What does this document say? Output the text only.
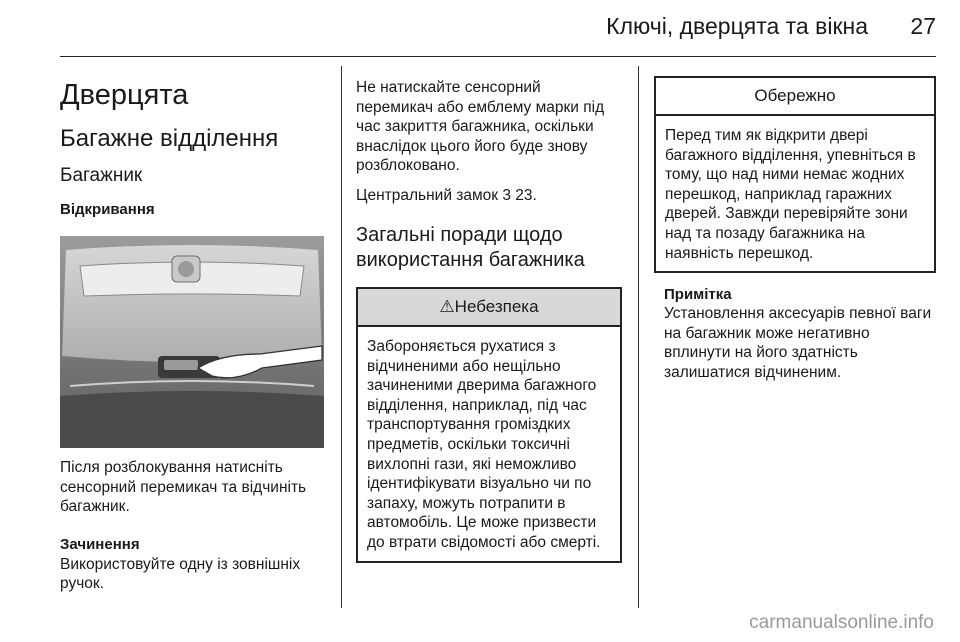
Ключі, дверцята та вікна 27
Дверцята
Багажне відділення
Багажник
Відкривання

Після розблокування натисніть сенсорний перемикач та відчиніть багажник.

Зачинення

Використовуйте одну із зовнішніх ручок.

Не натискайте сенсорний перемикач або емблему марки під час закриття багажника, оскільки внаслідок цього його буде знову розблоковано.

Центральний замок 3 23.

Загальні поради щодо використання багажника
⚠Небезпека
Забороняється рухатися з відчиненими або нещільно зачиненими дверима багажного відділення, наприклад, під час транспортування громіздких предметів, оскільки токсичні вихлопні гази, які неможливо ідентифікувати візуально чи по запаху, можуть потрапити в автомобіль. Це може призвести до втрати свідомості або смерті.
Обережно
Перед тим як відкрити двері багажного відділення, упевніться в тому, що над ними немає жодних перешкод, наприклад гаражних дверей. Завжди перевіряйте зони над та позаду багажника на наявність перешкод.
Примітка
Установлення аксесуарів певної ваги на багажник може негативно вплинути на його здатність залишатися відчиненим.
carmanualsonline.info
